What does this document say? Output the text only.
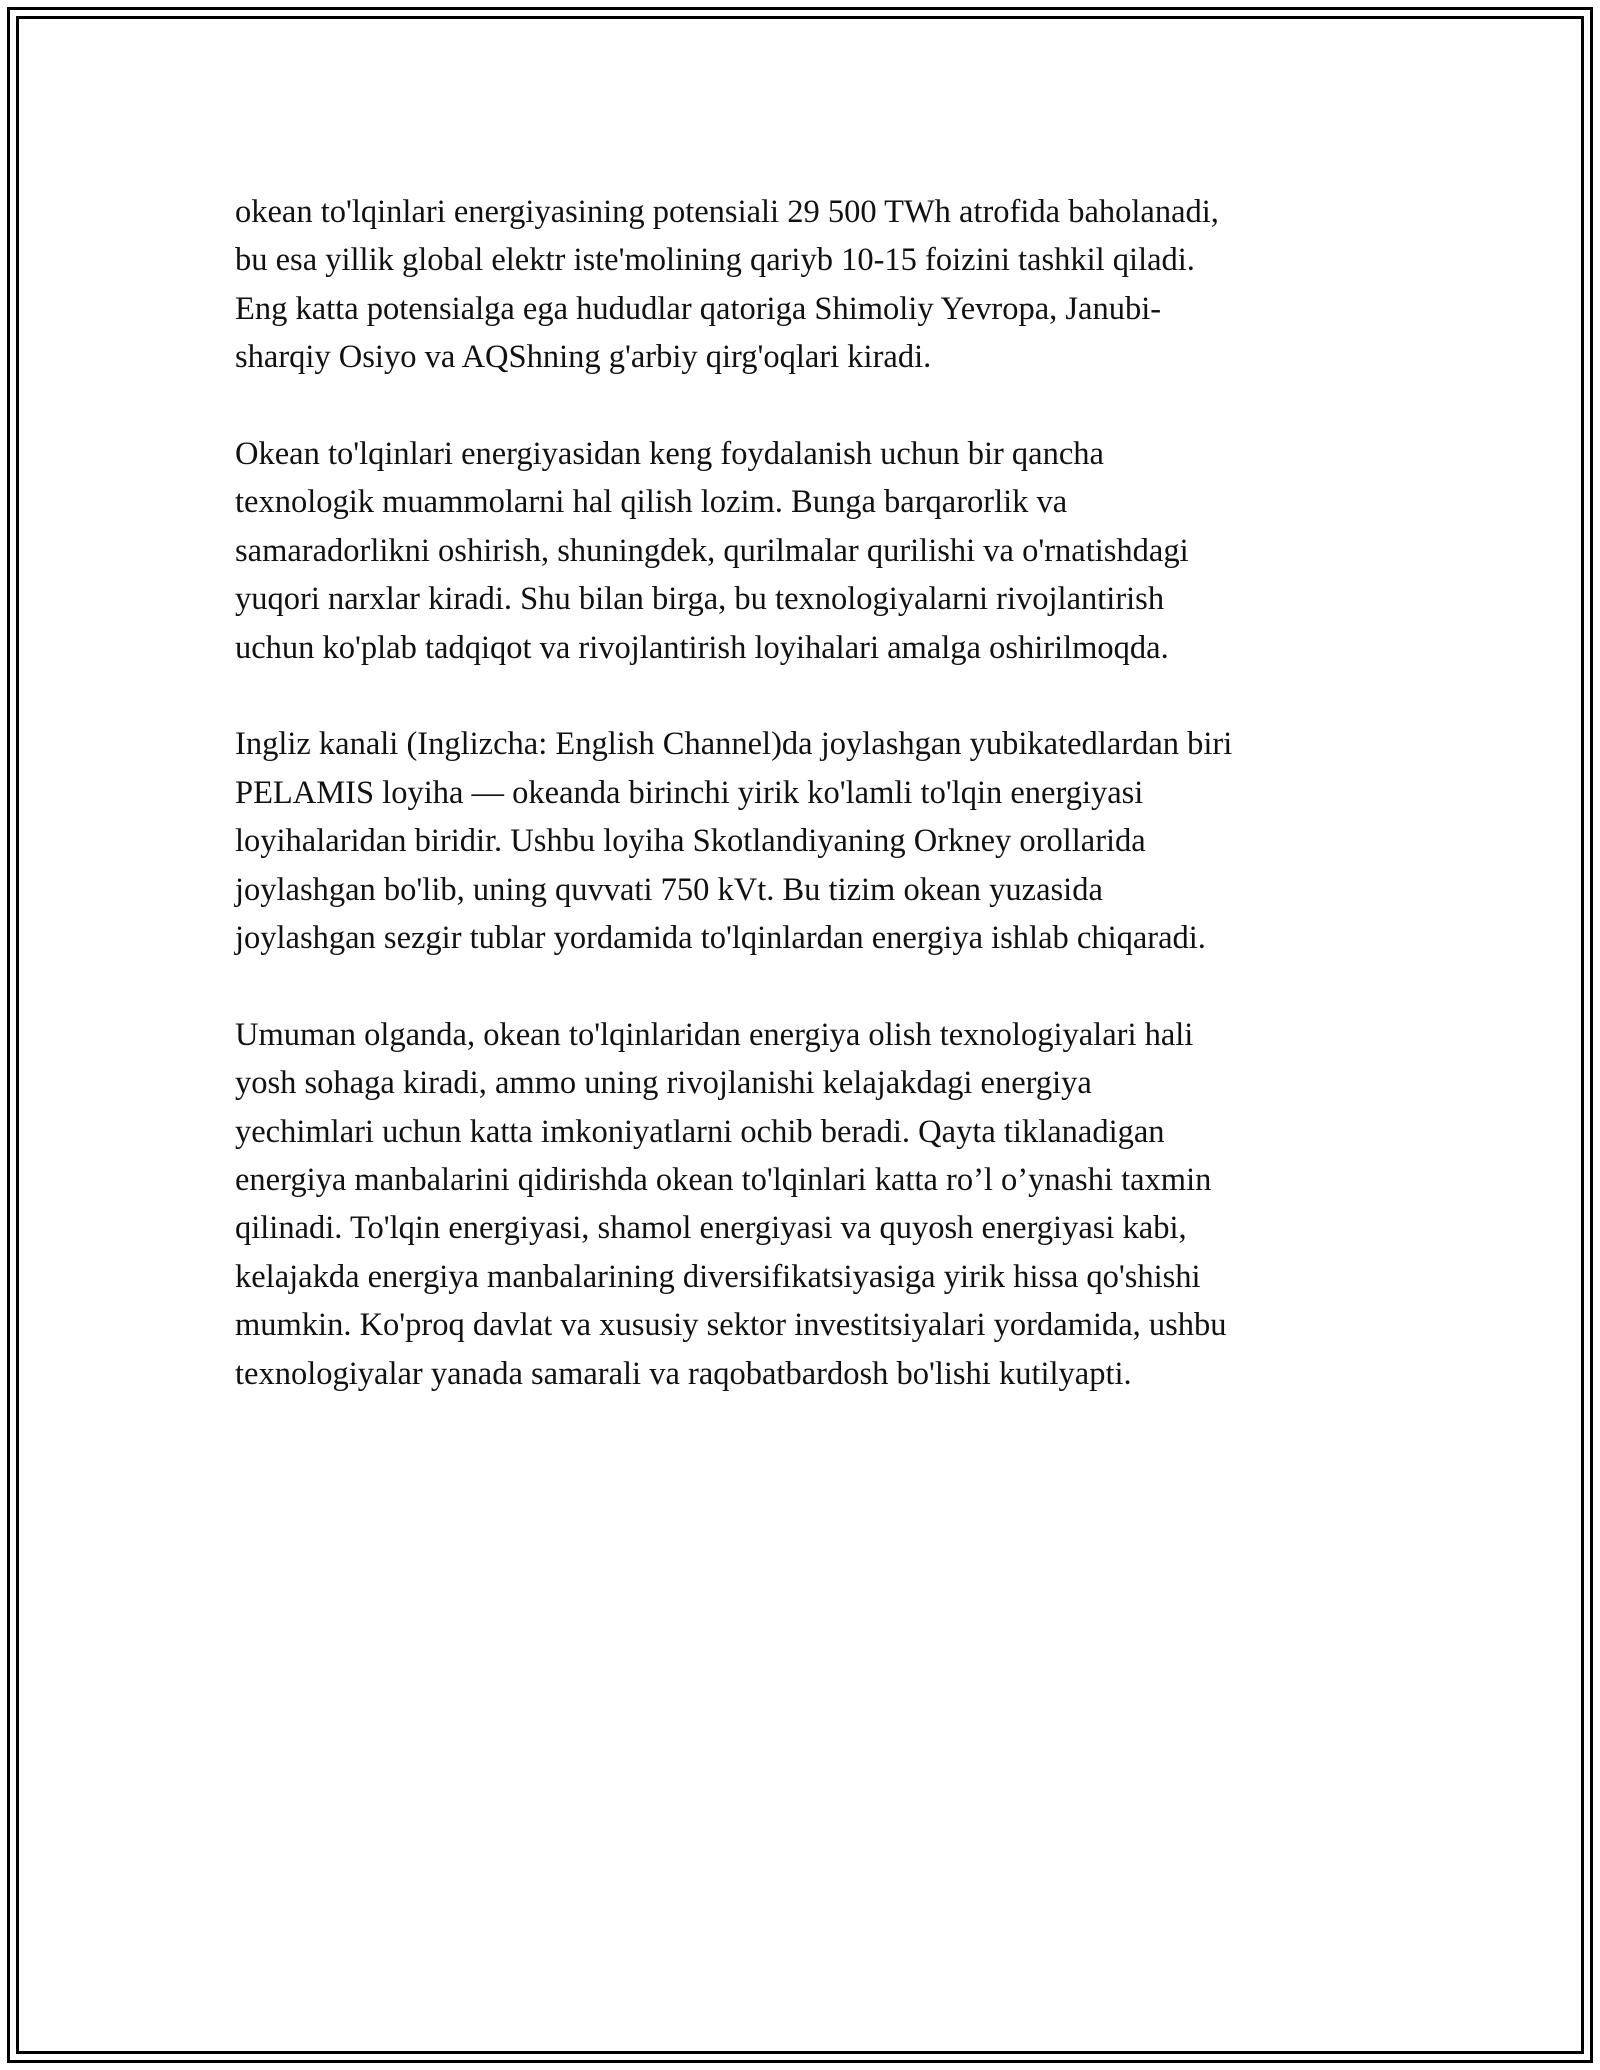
okean to'lqinlari energiyasining potensiali 29 500 TWh atrofida baholanadi,
bu esa yillik global elektr iste'molining qariyb 10-15 foizini tashkil qiladi.
Eng katta potensialga ega hududlar qatoriga Shimoliy Yevropa, Janubi-
sharqiy Osiyo va AQShning g'arbiy qirg'oqlari kiradi.

Okean to'lqinlari energiyasidan keng foydalanish uchun bir qancha
texnologik muammolarni hal qilish lozim. Bunga barqarorlik va
samaradorlikni oshirish, shuningdek, qurilmalar qurilishi va o'rnatishdagi
yuqori narxlar kiradi. Shu bilan birga, bu texnologiyalarni rivojlantirish
uchun ko'plab tadqiqot va rivojlantirish loyihalari amalga oshirilmoqda.

Ingliz kanali (Inglizcha: English Channel)da joylashgan yubikatedlardan biri
PELAMIS loyiha — okeanda birinchi yirik ko'lamli to'lqin energiyasi
loyihalaridan biridir. Ushbu loyiha Skotlandiyaning Orkney orollarida
joylashgan bo'lib, uning quvvati 750 kVt. Bu tizim okean yuzasida
joylashgan sezgir tublar yordamida to'lqinlardan energiya ishlab chiqaradi.

Umuman olganda, okean to'lqinlaridan energiya olish texnologiyalari hali
yosh sohaga kiradi, ammo uning rivojlanishi kelajakdagi energiya
yechimlari uchun katta imkoniyatlarni ochib beradi. Qayta tiklanadigan
energiya manbalarini qidirishda okean to'lqinlari katta ro’l o’ynashi taxmin
qilinadi. To'lqin energiyasi, shamol energiyasi va quyosh energiyasi kabi,
kelajakda energiya manbalarining diversifikatsiyasiga yirik hissa qo'shishi
mumkin. Ko'proq davlat va xususiy sektor investitsiyalari yordamida, ushbu
texnologiyalar yanada samarali va raqobatbardosh bo'lishi kutilyapti.
